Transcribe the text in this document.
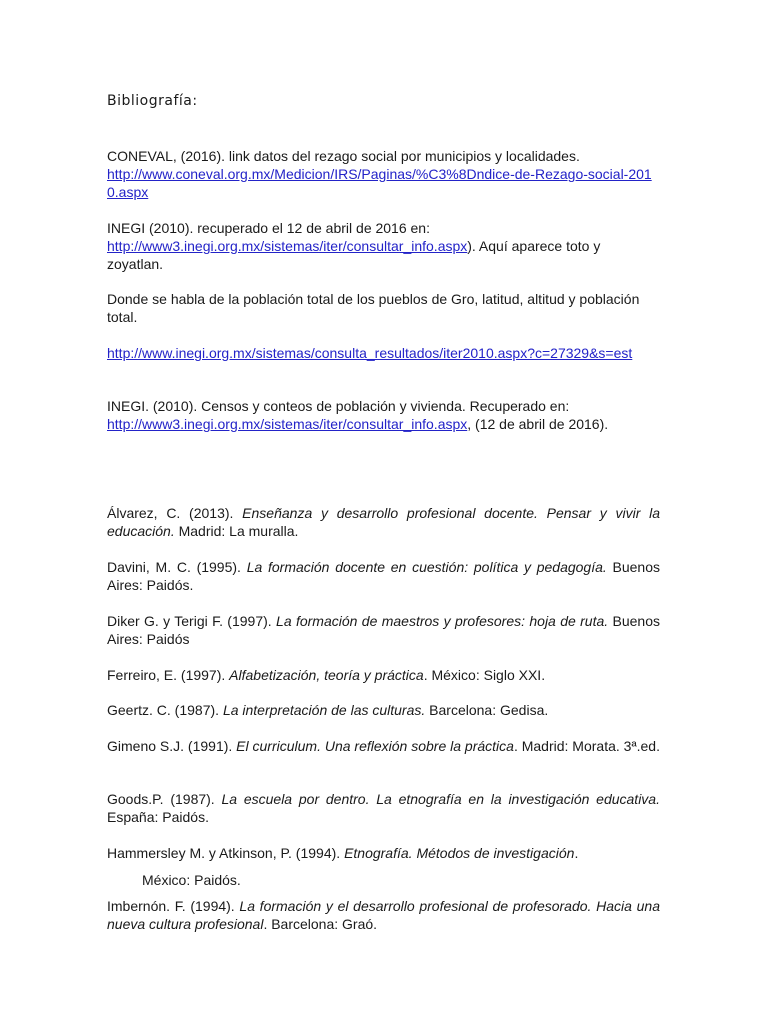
Bibliografía:

CONEVAL, (2016). link datos del rezago social por municipios y localidades.
http://www.coneval.org.mx/Medicion/IRS/Paginas/%C3%8Dndice-de-Rezago-social-2010.aspx

INEGI (2010). recuperado el 12 de abril de 2016 en:
http://www3.inegi.org.mx/sistemas/iter/consultar_info.aspx). Aquí aparece toto y zoyatlan.

Donde se habla de la población total de los pueblos de Gro, latitud, altitud y población total.

http://www.inegi.org.mx/sistemas/consulta_resultados/iter2010.aspx?c=27329&s=est

INEGI. (2010). Censos y conteos de población y vivienda. Recuperado en:
http://www3.inegi.org.mx/sistemas/iter/consultar_info.aspx, (12 de abril de 2016).

Álvarez, C. (2013). Enseñanza y desarrollo profesional docente. Pensar y vivir la educación. Madrid: La muralla.

Davini, M. C. (1995). La formación docente en cuestión: política y pedagogía. Buenos Aires: Paidós.

Diker G. y Terigi F. (1997). La formación de maestros y profesores: hoja de ruta. Buenos Aires: Paidós

Ferreiro, E. (1997). Alfabetización, teoría y práctica. México: Siglo XXI.

Geertz. C. (1987). La interpretación de las culturas. Barcelona: Gedisa.

Gimeno S.J. (1991). El curriculum. Una reflexión sobre la práctica. Madrid: Morata. 3ª.ed.

Goods.P. (1987). La escuela por dentro. La etnografía en la investigación educativa. España: Paidós.

Hammersley M. y Atkinson, P. (1994). Etnografía. Métodos de investigación.

México: Paidós.

Imbernón. F. (1994). La formación y el desarrollo profesional de profesorado. Hacia una nueva cultura profesional. Barcelona: Graó.
